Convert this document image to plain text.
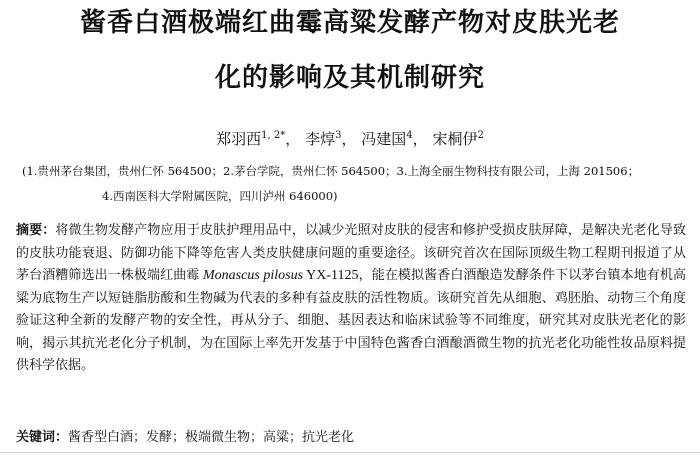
酱香白酒极端红曲霉高粱发酵产物对皮肤光老
化的影响及其机制研究
郑羽西$^{1, 2*}$， 李焞$^3$， 冯建国$^4$， 宋桐伊$^2$
(1.贵州茅台集团，贵州仁怀 564500；2.茅台学院，贵州仁怀 564500；3.上海全丽生物科技有限公司，上海 201506；
4.西南医科大学附属医院，四川泸州 646000)
摘要：将微生物发酵产物应用于皮肤护理用品中，以减少光照对皮肤的侵害和修护受损皮肤屏障，是解决光老化导致的皮肤功能衰退、防御功能下降等危害人类皮肤健康问题的重要途径。该研究首次在国际顶级生物工程期刊报道了从茅台酒糟筛选出一株极端红曲霉 Monascus pilosus YX-1125，能在模拟酱香白酒酿造发酵条件下以茅台镇本地有机高粱为底物生产以短链脂肪酸和生物碱为代表的多种有益皮肤的活性物质。该研究首先从细胞、鸡胚胎、动物三个角度验证这种全新的发酵产物的安全性，再从分子、细胞、基因表达和临床试验等不同维度，研究其对皮肤光老化的影响，揭示其抗光老化分子机制，为在国际上率先开发基于中国特色酱香白酒酿酒微生物的抗光老化功能性妆品原料提供科学依据。
关键词：酱香型白酒；发酵；极端微生物；高粱；抗光老化
